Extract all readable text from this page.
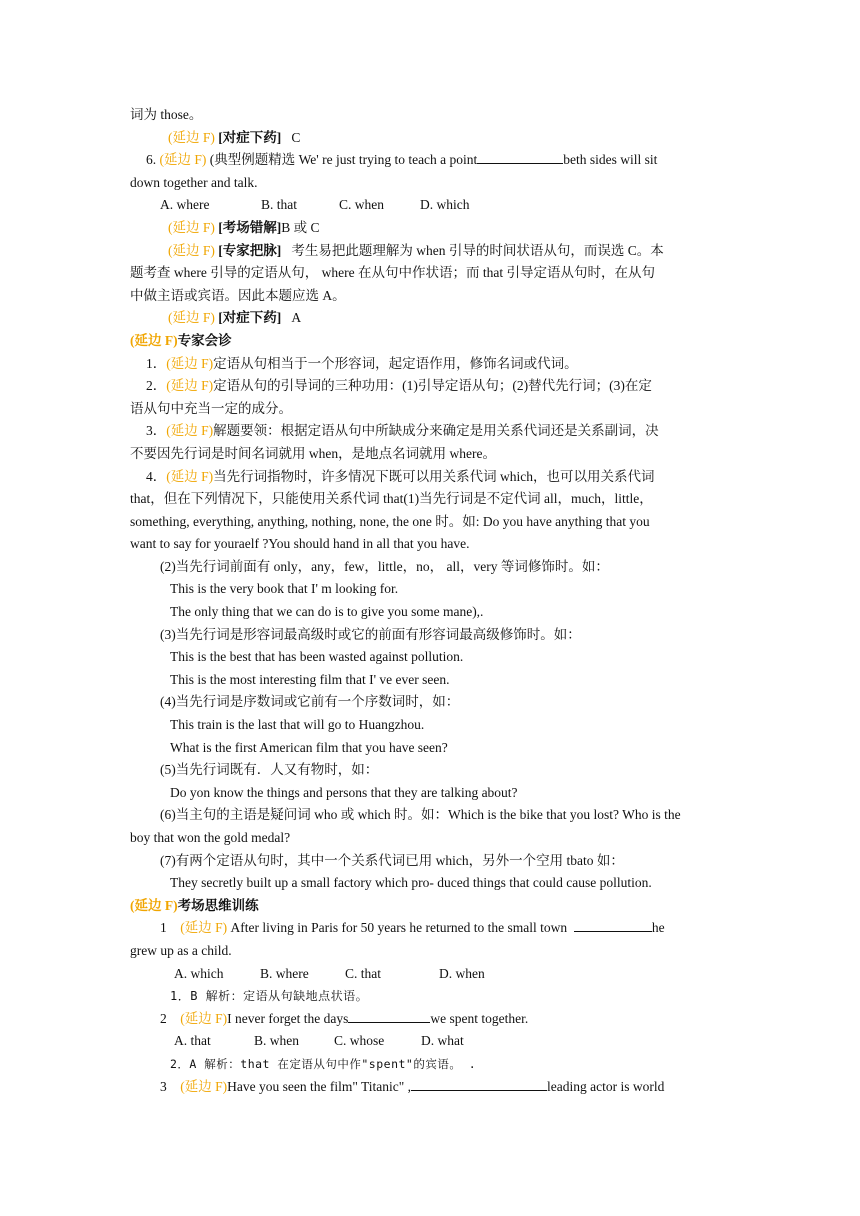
词为 those。
(延边 F) [对症下药] C
6. (延边 F) (典型例题精选 We' re just trying to teach a point	beth sides will sit
down together and talk.
A. where	B. that	C. when	D. which
(延边 F) [考场错解]B 或 C
(延边 F) [专家把脉] 考生易把此题理解为 when 引导的时间状语从句，而误选 C。本
题考查 where 引导的定语从句， where 在从句中作状语；而 that 引导定语从句时，在从句
中做主语或宾语。因此本题应选 A。
(延边 F) [对症下药] A
(延边 F)专家会诊
1．(延边 F)定语从句相当于一个形容词，起定语作用，修饰名词或代词。
2．(延边 F)定语从句的引导词的三种功用：(1)引导定语从句；(2)替代先行词；(3)在定
语从句中充当一定的成分。
3．(延边 F)解题要领：根据定语从句中所缺成分来确定是用关系代词还是关系副词，决
不要因先行词是时间名词就用 when，是地点名词就用 where。
4．(延边 F)当先行词指物时，许多情况下既可以用关系代词 which，也可以用关系代词
that，但在下列情况下，只能使用关系代词 that(1)当先行词是不定代词 all，much，little，
something, everything, anything, nothing, none, the one 时。如: Do you have anything that you
want to say for youraelf ?You should hand in all that you have.
(2)当先行词前面有 only，any，few，little，no， all，very 等词修饰时。如：
This is the very book that I' m looking for.
The only thing that we can do is to give you some mane),.
(3)当先行词是形容词最高级时或它的前面有形容词最高级修饰时。如：
This is the best that has been wasted against pollution.
This is the most interesting film that I' ve ever seen.
(4)当先行词是序数词或它前有一个序数词时，如：
This train is the last that will go to Huangzhou.
What is the first American film that you have seen?
(5)当先行词既有．人又有物时，如：
Do yon know the things and persons that they are talking about?
(6)当主句的主语是疑问词 who 或 which 时。如：Which is the bike that you lost? Who is the
boy that won the gold medal?
(7)有两个定语从句时，其中一个关系代词已用 which，另外一个空用 tbato 如：
They secretly built up a small factory which pro- duced things that could cause pollution.
(延边 F)考场思维训练
1 (延边 F) After living in Paris for 50 years he returned to the small town	he
grew up as a child.
A. which	B. where	C. that	D. when
1．B 解析：定语从句缺地点状语。
2 (延边 F)I never forget the days	we spent together.
A. that	B. when	C. whose	D. what
2．A 解析：that 在定语从句中作"spent"的宾语。 .
3 (延边 F)Have you seen the film" Titanic" ,	leading actor is world
